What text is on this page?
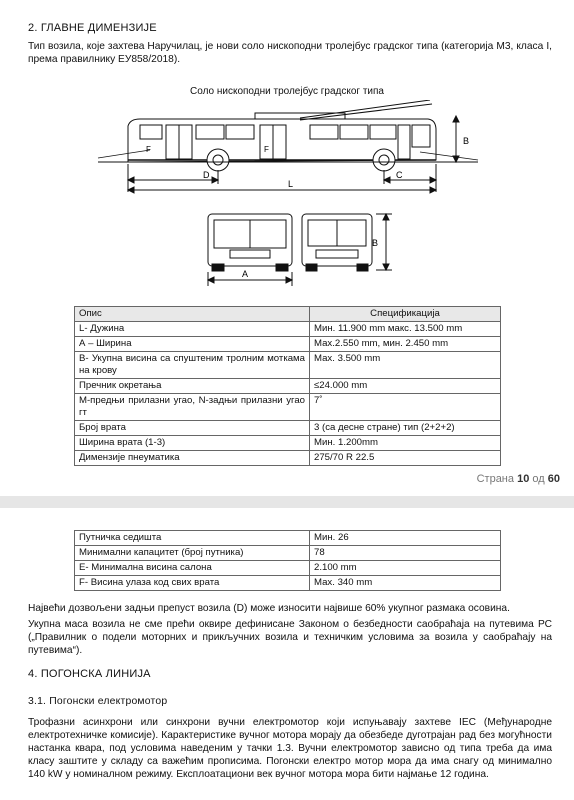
2. ГЛАВНЕ ДИМЕНЗИЈЕ
Тип возила, које захтева Наручилац, је нови соло нископодни тролејбус градског типа (категорија М3, класа I, према правилнику ЕУ858/2018).
Соло нископодни тролејбус градског типа
F	F
B
D	C
L
A
B
Опис	Спецификација
L- Дужина	Мин. 11.900 mm макс. 13.500 mm
А – Ширина	Мах.2.550 mm, мин. 2.450 mm
В- Укупна висина са спуштеним тролним моткама на крову	Мах. 3.500 mm
Пречник окретања	≤24.000 mm
М-предњи прилазни угао, N-задњи прилазни угао гт	7˚
Број врата	3 (са десне стране) тип (2+2+2)
Ширина врата (1-3)	Мин. 1.200mm
Димензије пнеуматика	275/70 R 22.5
Страна 10 од 60
Путничка седишта	Мин. 26
Минимални капацитет (број путника)	78
Е- Минимална висина салона	2.100 mm
F- Висина улаза код свих врата	Мах. 340 mm
Највећи дозвољени задњи препуст возила (D) може износити највише 60% укупног размака осовина.
Укупна маса возила не сме прећи оквире дефинисане Законом о безбедности саобраћаја на путевима РС („Правилник о подели моторних и прикључних возила и техничким условима за возила у саобраћају на путевима“).
4. ПОГОНСКА ЛИНИЈА
3.1. Погонски електромотор
Трофазни асинхрони или синхрони вучни електромотор који испуњавају захтеве IEC (Међународне електротехничке комисије). Карактеристике вучног мотора морају да обезбеде дуготрајан рад без могућности настанка квара, под условима наведеним у тачки 1.3. Вучни електромотор зависно од типа треба да има класу заштите у складу са важећим прописима. Погонски електро мотор мора да има снагу од минимално 140 kW у номиналном режиму. Експлоатациони век вучног мотора мора бити најмање 12 година.
